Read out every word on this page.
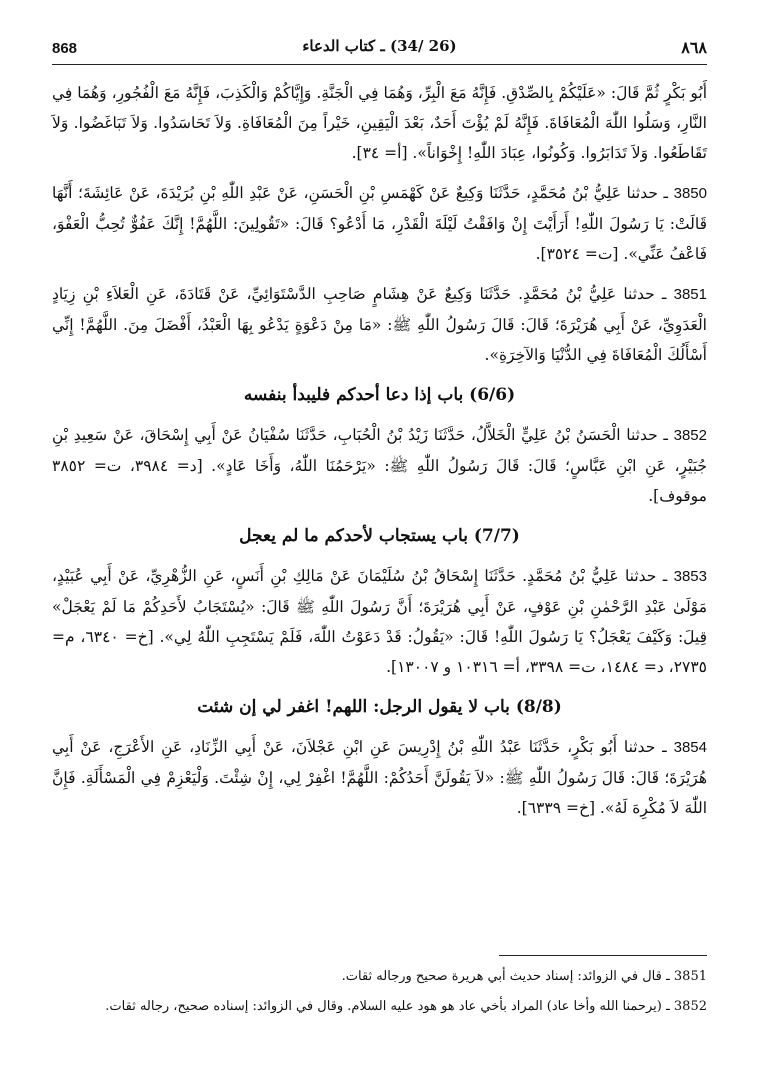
868	(26 /34) ـ كتاب الدعاء	٨٦٨

أَبُو بَكْرٍ ثُمَّ قَالَ: «عَلَيْكُمْ بِالصِّدْقِ. فَإِنَّهُ مَعَ الْبِرِّ، وَهُمَا فِي الْجَنَّةِ. وَإِيَّاكُمْ وَالْكَذِبَ، فَإِنَّهُ مَعَ الْفُجُورِ، وَهُمَا فِي النَّارِ، وَسَلُوا اللّٰهَ الْمُعَافَاةَ. فَإِنَّهُ لَمْ يُؤْتَ أَحَدٌ، بَعْدَ الْيَقِينِ، خَيْراً مِنَ الْمُعَافَاةِ. وَلاَ تَحَاسَدُوا. وَلاَ تَبَاغَضُوا. وَلاَ تَقَاطَعُوا. وَلاَ تَدَابَرُوا. وَكُونُوا، عِبَادَ اللّٰهِ! إِخْوَاناً». [أ= ٣٤].

3850 ـ حدثنا عَلِيُّ بْنُ مُحَمَّدٍ، حَدَّثَنَا وَكِيعٌ عَنْ كَهْمَسِ بْنِ الْحَسَنِ، عَنْ عَبْدِ اللّٰهِ بْنِ بُرَيْدَةَ، عَنْ عَائِشَةَ؛ أَنَّهَا قَالَتْ: يَا رَسُولَ اللّٰهِ! أَرَأَيْتَ إِنْ وَافَقْتُ لَيْلَةَ الْقَدْرِ، مَا أَدْعُو؟ قَالَ: «تَقُولِينَ: اللَّهُمَّ! إِنَّكَ عَفُوٌّ تُحِبُّ الْعَفْوَ، فَاعْفُ عَنِّي». [ت= ٣٥٢٤].

3851 ـ حدثنا عَلِيُّ بْنُ مُحَمَّدٍ. حَدَّثَنَا وَكِيعٌ عَنْ هِشَامٍ صَاحِبِ الدَّسْتَوَائِيِّ، عَنْ قَتَادَةَ، عَنِ الْعَلاَءِ بْنِ زِيَادٍ الْعَدَوِيِّ، عَنْ أَبِي هُرَيْرَةَ؛ قَالَ: قَالَ رَسُولُ اللّٰهِ ﷺ: «مَا مِنْ دَعْوَةٍ يَدْعُو بِهَا الْعَبْدُ، أَفْضَلَ مِنَ. اللَّهُمَّ! إِنِّي أَسْأَلُكَ الْمُعَافَاةَ فِي الدُّنْيَا وَالآخِرَةِ».

(6/6) باب إذا دعا أحدكم فليبدأ بنفسه

3852 ـ حدثنا الْحَسَنُ بْنُ عَلِيٍّ الْخَلاَّلُ، حَدَّثَنَا زَيْدُ بْنُ الْحُبَابِ، حَدَّثَنَا سُفْيَانُ عَنْ أَبِي إِسْحَاقَ، عَنْ سَعِيدِ بْنِ جُبَيْرٍ، عَنِ ابْنِ عَبَّاسٍ؛ قَالَ: قَالَ رَسُولُ اللّٰهِ ﷺ: «يَرْحَمُنَا اللّٰهُ، وَأَخَا عَادٍ». [د= ٣٩٨٤، ت= ٣٨٥٢ موقوف].

(7/7) باب يستجاب لأحدكم ما لم يعجل

3853 ـ حدثنا عَلِيُّ بْنُ مُحَمَّدٍ. حَدَّثَنَا إِسْحَاقُ بْنُ سُلَيْمَانَ عَنْ مَالِكِ بْنِ أَنَسٍ، عَنِ الزُّهْرِيِّ، عَنْ أَبِي عُبَيْدٍ، مَوْلَىٰ عَبْدِ الرَّحْمٰنِ بْنِ عَوْفٍ، عَنْ أَبِي هُرَيْرَةَ؛ أَنَّ رَسُولَ اللّٰهِ ﷺ قَالَ: «يُسْتَجَابُ لأَحَدِكُمْ مَا لَمْ يَعْجَلْ» قِيلَ: وَكَيْفَ يَعْجَلُ؟ يَا رَسُولَ اللّٰهِ! قَالَ: «يَقُولُ: قَدْ دَعَوْتُ اللّٰهَ، فَلَمْ يَسْتَجِبِ اللّٰهُ لِي». [خ= ٦٣٤٠، م= ٢٧٣٥، د= ١٤٨٤، ت= ٣٣٩٨، أ= ١٠٣١٦ و ١٣٠٠٧].

(8/8) باب لا يقول الرجل: اللهم! اغفر لي إن شئت

3854 ـ حدثنا أَبُو بَكْرٍ، حَدَّثَنَا عَبْدُ اللّٰهِ بْنُ إِدْرِيسَ عَنِ ابْنِ عَجْلاَنَ، عَنْ أَبِي الزِّنَادِ، عَنِ الأَعْرَجِ، عَنْ أَبِي هُرَيْرَةَ؛ قَالَ: قَالَ رَسُولُ اللّٰهِ ﷺ: «لاَ يَقُولَنَّ أَحَدُكُمْ: اللَّهُمَّ! اغْفِرْ لِي، إِنْ شِئْتَ. وَلْيَعْزِمْ فِي الْمَسْأَلَةِ. فَإِنَّ اللّٰهَ لاَ مُكْرِهَ لَهُ». [خ= ٦٣٣٩].

3851 ـ قال في الزوائد: إسناد حديث أبي هريرة صحيح ورجاله ثقات.

3852 ـ (يرحمنا الله وأخا عاد) المراد بأخي عاد هو هود عليه السلام. وقال في الزوائد: إسناده صحيح، رجاله ثقات.
